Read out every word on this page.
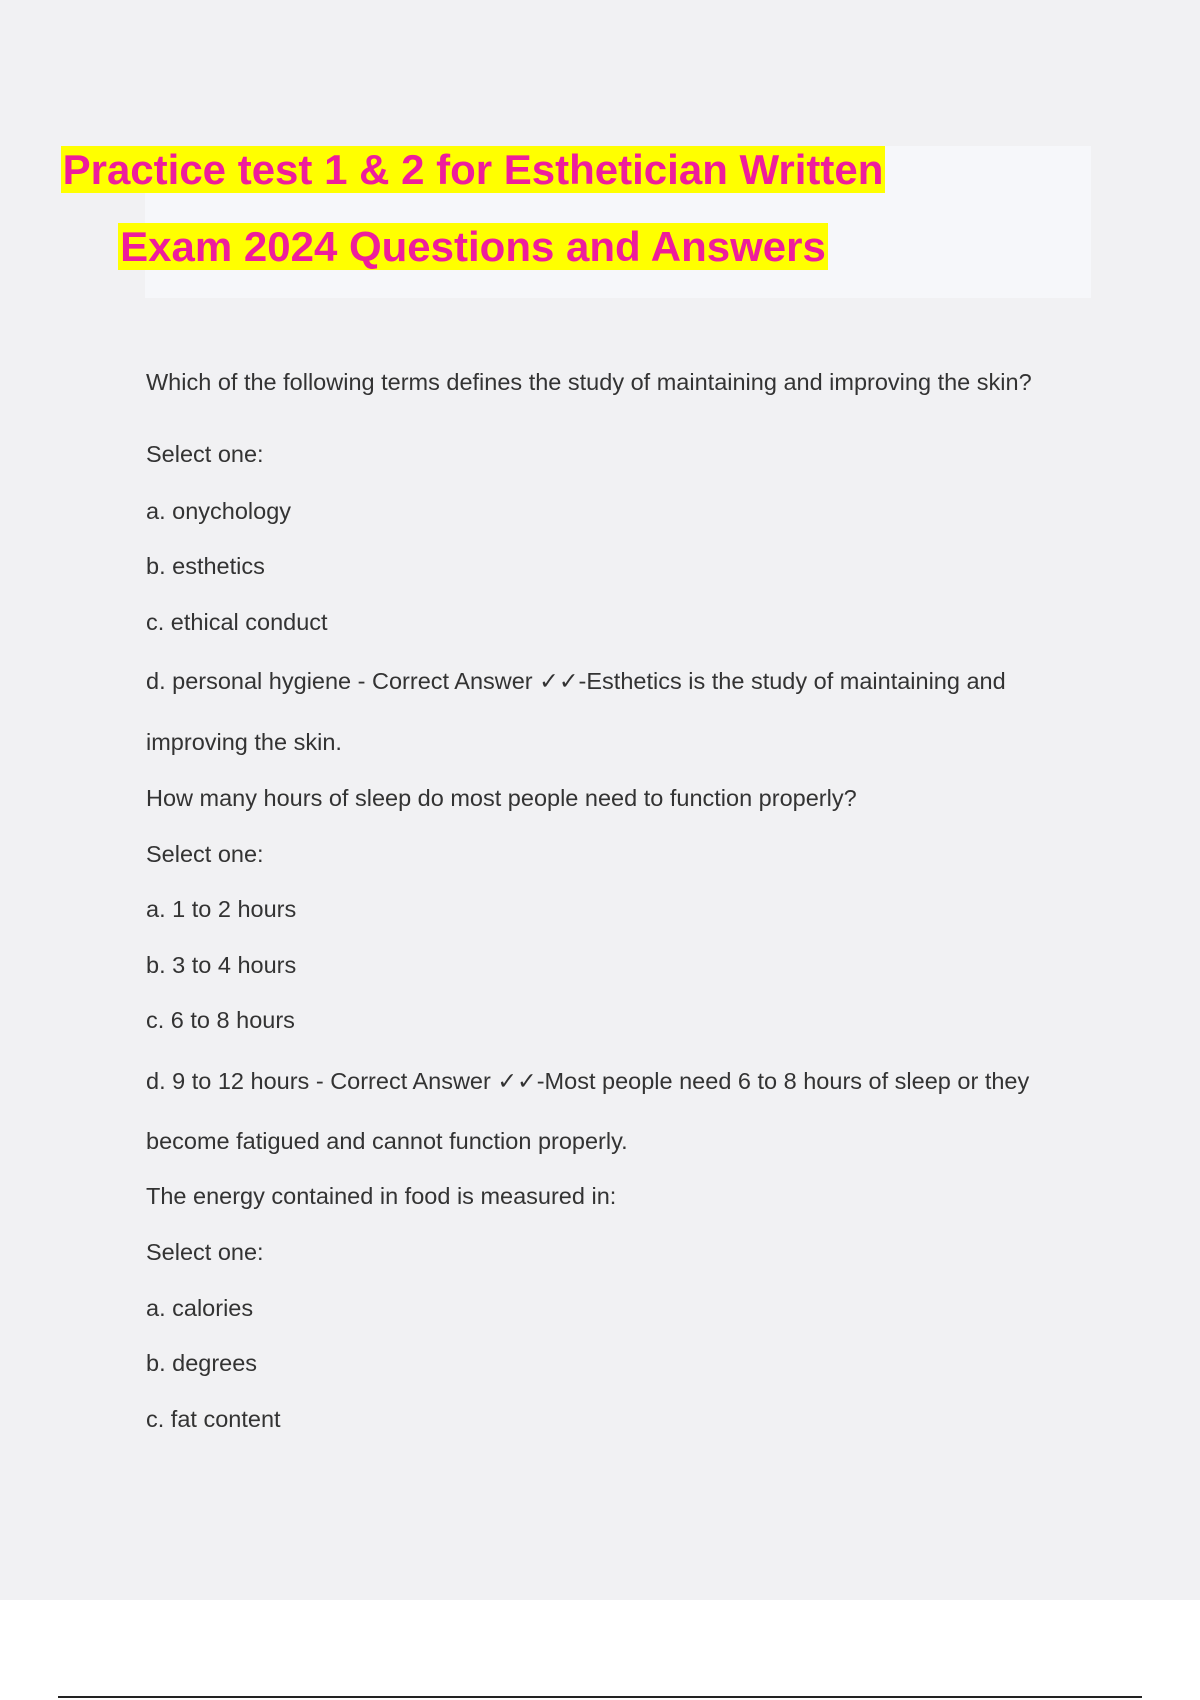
Practice test 1 & 2 for Esthetician Written
Exam 2024 Questions and Answers
Which of the following terms defines the study of maintaining and improving the skin?
Select one:
a. onychology
b. esthetics
c. ethical conduct
d. personal hygiene - Correct Answer ✓✓-Esthetics is the study of maintaining and
improving the skin.
How many hours of sleep do most people need to function properly?
Select one:
a. 1 to 2 hours
b. 3 to 4 hours
c. 6 to 8 hours
d. 9 to 12 hours - Correct Answer ✓✓-Most people need 6 to 8 hours of sleep or they
become fatigued and cannot function properly.
The energy contained in food is measured in:
Select one:
a. calories
b. degrees
c. fat content
